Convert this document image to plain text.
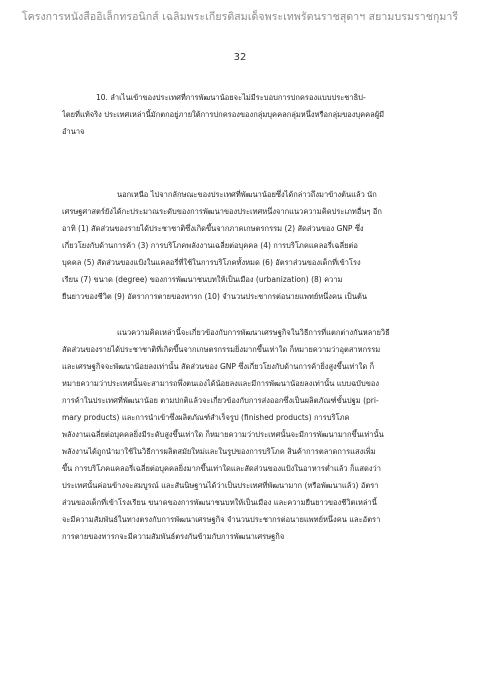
โครงการหนังสืออิเล็กทรอนิกส์ เฉลิมพระเกียรติสมเด็จพระเทพรัตนราชสุดาฯ สยามบรมราชกุมารี
32
10. ลำเไนเข้าของประเทศที่การพัฒนาน้อยจะไม่มีระบอบการปกครองแบบประชาธิป-
ไตยที่แท้จริง ประเทศเหล่านี้มักตกอยู่ภายใต้การปกครองของกลุ่มบุคคลกลุ่มหนึ่งหรือกลุ่มของบุคคลผู้มี
อำนาจ
นอกเหนือ ไปจากลักษณะของประเทศที่พัฒนาน้อยซึ่งได้กล่าวถึงมาข้างต้นแล้ว นัก
เศรษฐศาสตร์ยังได้กะประมาณระดับของการพัฒนาของประเทศหนึ่งจากแนวความคิดประเภทอื่นๆ อีก
อาทิ (1) สัดส่วนของรายได้ประชาชาติซึ่งเกิดขึ้นจากภาคเกษตรกรรม (2) สัดส่วนของ GNP ซึ่ง
เกี่ยวโยงกับด้านการค้า (3) การบริโภคพลังงานเฉลี่ยต่อบุคคล (4) การบริโภคแคลอรี่เฉลี่ยต่อ
บุคคล (5) สัดส่วนของแป้งในแคลอรี่ที่ใช้ในการบริโภคทั้งหมด (6) อัตราส่วนของเด็กที่เข้าโรง
เรียน (7) ขนาด (degree) ของการพัฒนาชนบทให้เป็นเมือง (urbanization) (8) ความ
ยืนยาวของชีวิต (9) อัตราการตายของทารก (10) จำนวนประชากรต่อนายแพทย์หนึ่งคน เป็นต้น
แนวความคิดเหล่านี้จะเกี่ยวข้องกับการพัฒนาเศรษฐกิจในวิธีการที่แตกต่างกันหลายวิธี
สัดส่วนของรายได้ประชาชาติที่เกิดขึ้นจากเกษตรกรรมยิ่งมากขึ้นเท่าใด ก็หมายความว่าอุตสาหกรรม
และเศรษฐกิจจะพัฒนาน้อยลงเท่านั้น สัดส่วนของ GNP ซึ่งเกี่ยวโยงกับด้านการค้ายิ่งสูงขึ้นเท่าใด ก็
หมายความว่าประเทศนั้นจะสามารถพึ่งตนเองได้น้อยลงและมีการพัฒนาน้อยลงเท่านั้น แบบฉบับของ
การค้าในประเทศที่พัฒนาน้อย ตามปกติแล้วจะเกี่ยวข้องกับการส่งออกซึ่งเป็นผลิตภัณฑ์ขั้นปฐม (pri-
mary products) และการนำเข้าซึ่งผลิตภัณฑ์สำเร็จรูป (finished products) การบริโภค
พลังงานเฉลี่ยต่อบุคคลยิ่งมีระดับสูงขึ้นเท่าใด ก็หมายความว่าประเทศนั้นจะมีการพัฒนามากขึ้นเท่านั้น
พลังงานได้ถูกนำมาใช้ในวิธีการผลิตสมัยใหม่และในรูปของการบริโภค สินค้าการตลาดการแสงเพิ่ม
ขึ้น การบริโภคแคลอรี่เฉลี่ยต่อบุคคลยิ่งมากขึ้นเท่าใดและสัดส่วนของแป้งในอาหารต่ำแล้ว ก็แสดงว่า
ประเทศนั้นค่อนข้างจะสมบูรณ์ และสันนิษฐานได้ว่าเป็นประเทศที่พัฒนามาก (หรือพัฒนาแล้ว) อัตรา
ส่วนของเด็กที่เข้าโรงเรียน ขนาดของการพัฒนาชนบทให้เป็นเมือง และความยืนยาวของชีวิตเหล่านี้
จะมีความสัมพันธ์ในทางตรงกับการพัฒนาเศรษฐกิจ จำนวนประชากรต่อนายแพทย์หนึ่งคน และอัตรา
การตายของทารกจะมีความสัมพันธ์ตรงกันข้ามกับการพัฒนาเศรษฐกิจ
